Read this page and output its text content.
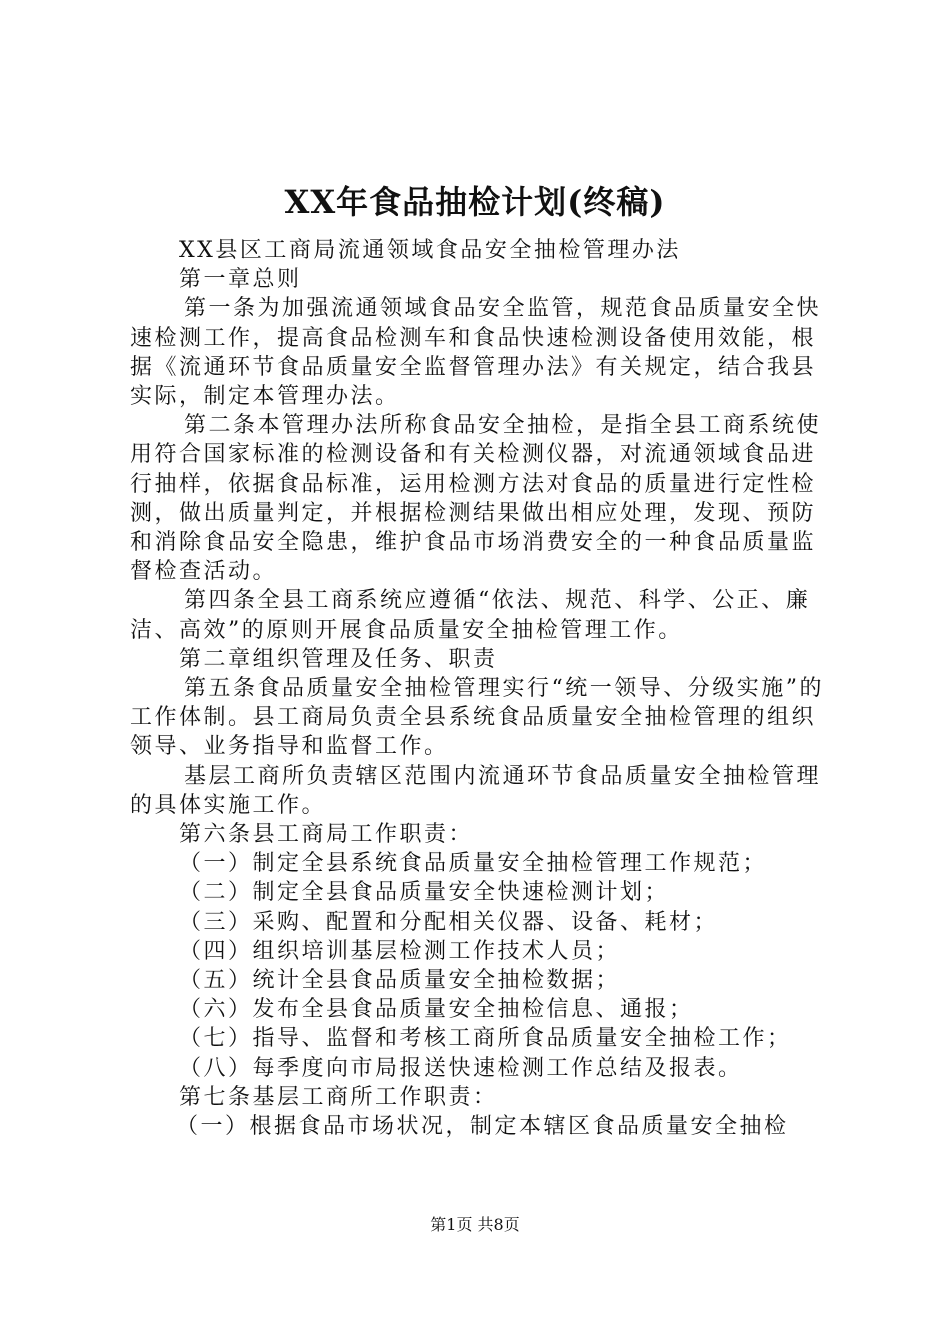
XX年食品抽检计划(终稿)

XX县区工商局流通领域食品安全抽检管理办法

第一章总则

第一条为加强流通领域食品安全监管，规范食品质量安全快速检测工作，提高食品检测车和食品快速检测设备使用效能，根据《流通环节食品质量安全监督管理办法》有关规定，结合我县实际，制定本管理办法。

第二条本管理办法所称食品安全抽检，是指全县工商系统使用符合国家标准的检测设备和有关检测仪器，对流通领域食品进行抽样，依据食品标准，运用检测方法对食品的质量进行定性检测，做出质量判定，并根据检测结果做出相应处理，发现、预防和消除食品安全隐患，维护食品市场消费安全的一种食品质量监督检查活动。

第四条全县工商系统应遵循“依法、规范、科学、公正、廉洁、高效”的原则开展食品质量安全抽检管理工作。

第二章组织管理及任务、职责

第五条食品质量安全抽检管理实行“统一领导、分级实施”的工作体制。县工商局负责全县系统食品质量安全抽检管理的组织领导、业务指导和监督工作。

基层工商所负责辖区范围内流通环节食品质量安全抽检管理的具体实施工作。

第六条县工商局工作职责：

（一）制定全县系统食品质量安全抽检管理工作规范；

（二）制定全县食品质量安全快速检测计划；

（三）采购、配置和分配相关仪器、设备、耗材；

（四）组织培训基层检测工作技术人员；

（五）统计全县食品质量安全抽检数据；

（六）发布全县食品质量安全抽检信息、通报；

（七）指导、监督和考核工商所食品质量安全抽检工作；

（八）每季度向市局报送快速检测工作总结及报表。

第七条基层工商所工作职责：

（一）根据食品市场状况，制定本辖区食品质量安全抽检

第1页 共8页
